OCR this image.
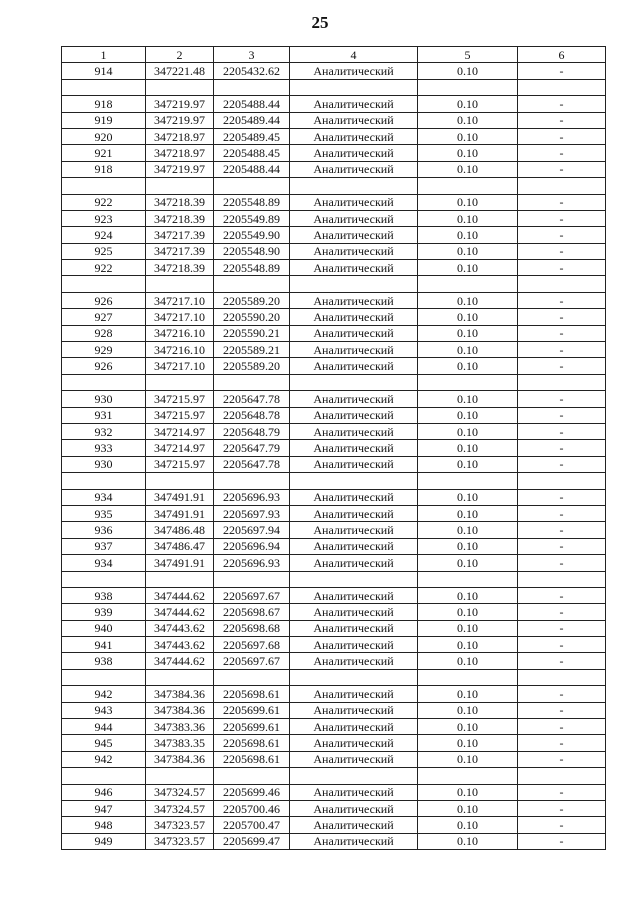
25
1	2	3	4	5	6
914	347221.48	2205432.62	Аналитический	0.10	-

918	347219.97	2205488.44	Аналитический	0.10	-
919	347219.97	2205489.44	Аналитический	0.10	-
920	347218.97	2205489.45	Аналитический	0.10	-
921	347218.97	2205488.45	Аналитический	0.10	-
918	347219.97	2205488.44	Аналитический	0.10	-

922	347218.39	2205548.89	Аналитический	0.10	-
923	347218.39	2205549.89	Аналитический	0.10	-
924	347217.39	2205549.90	Аналитический	0.10	-
925	347217.39	2205548.90	Аналитический	0.10	-
922	347218.39	2205548.89	Аналитический	0.10	-

926	347217.10	2205589.20	Аналитический	0.10	-
927	347217.10	2205590.20	Аналитический	0.10	-
928	347216.10	2205590.21	Аналитический	0.10	-
929	347216.10	2205589.21	Аналитический	0.10	-
926	347217.10	2205589.20	Аналитический	0.10	-

930	347215.97	2205647.78	Аналитический	0.10	-
931	347215.97	2205648.78	Аналитический	0.10	-
932	347214.97	2205648.79	Аналитический	0.10	-
933	347214.97	2205647.79	Аналитический	0.10	-
930	347215.97	2205647.78	Аналитический	0.10	-

934	347491.91	2205696.93	Аналитический	0.10	-
935	347491.91	2205697.93	Аналитический	0.10	-
936	347486.48	2205697.94	Аналитический	0.10	-
937	347486.47	2205696.94	Аналитический	0.10	-
934	347491.91	2205696.93	Аналитический	0.10	-

938	347444.62	2205697.67	Аналитический	0.10	-
939	347444.62	2205698.67	Аналитический	0.10	-
940	347443.62	2205698.68	Аналитический	0.10	-
941	347443.62	2205697.68	Аналитический	0.10	-
938	347444.62	2205697.67	Аналитический	0.10	-

942	347384.36	2205698.61	Аналитический	0.10	-
943	347384.36	2205699.61	Аналитический	0.10	-
944	347383.36	2205699.61	Аналитический	0.10	-
945	347383.35	2205698.61	Аналитический	0.10	-
942	347384.36	2205698.61	Аналитический	0.10	-

946	347324.57	2205699.46	Аналитический	0.10	-
947	347324.57	2205700.46	Аналитический	0.10	-
948	347323.57	2205700.47	Аналитический	0.10	-
949	347323.57	2205699.47	Аналитический	0.10	-
